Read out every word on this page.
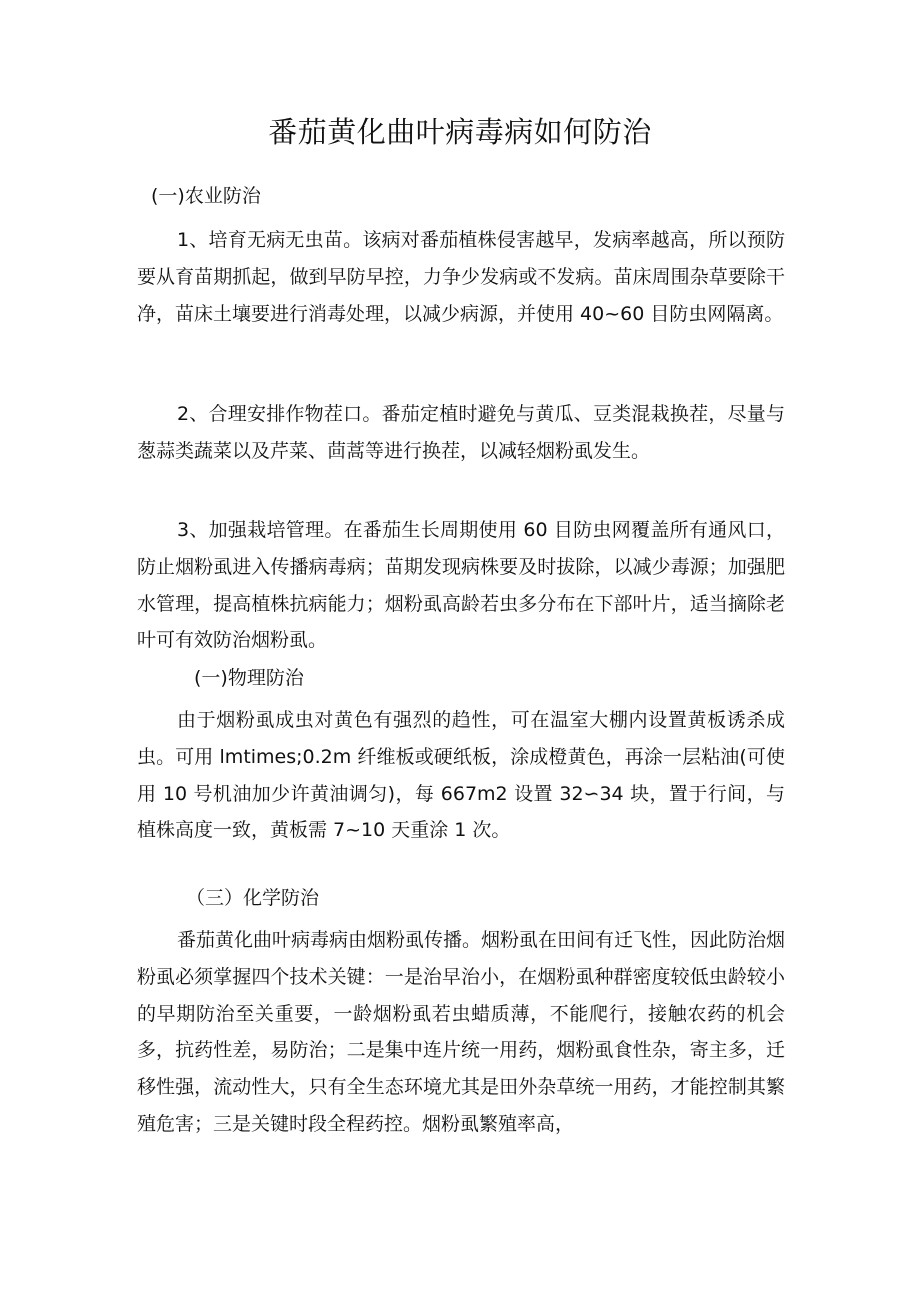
番茄黄化曲叶病毒病如何防治
(一)农业防治

1、培育无病无虫苗。该病对番茄植株侵害越早，发病率越高，所以预防要从育苗期抓起，做到早防早控，力争少发病或不发病。苗床周围杂草要除干净，苗床土壤要进行消毒处理，以减少病源，并使用 40~60 目防虫网隔离。

2、合理安排作物茬口。番茄定植时避免与黄瓜、豆类混栽换茬，尽量与葱蒜类蔬菜以及芹菜、茴蒿等进行换茬，以减轻烟粉虱发生。

3、加强栽培管理。在番茄生长周期使用 60 目防虫网覆盖所有通风口，防止烟粉虱进入传播病毒病；苗期发现病株要及时拔除，以减少毒源；加强肥水管理，提高植株抗病能力；烟粉虱高龄若虫多分布在下部叶片，适当摘除老叶可有效防治烟粉虱。

(一)物理防治

由于烟粉虱成虫对黄色有强烈的趋性，可在温室大棚内设置黄板诱杀成虫。可用 lmtimes;0.2m 纤维板或硬纸板，涂成橙黄色，再涂一层粘油(可使用 10 号机油加少许黄油调匀)，每 667m2 设置 32∽34 块，置于行间，与植株高度一致，黄板需 7~10 天重涂 1 次。

（三）化学防治

番茄黄化曲叶病毒病由烟粉虱传播。烟粉虱在田间有迁飞性，因此防治烟粉虱必须掌握四个技术关键：一是治早治小，在烟粉虱种群密度较低虫龄较小的早期防治至关重要，一龄烟粉虱若虫蜡质薄，不能爬行，接触农药的机会多，抗药性差，易防治；二是集中连片统一用药，烟粉虱食性杂，寄主多，迁移性强，流动性大，只有全生态环境尤其是田外杂草统一用药，才能控制其繁殖危害；三是关键时段全程药控。烟粉虱繁殖率高，
